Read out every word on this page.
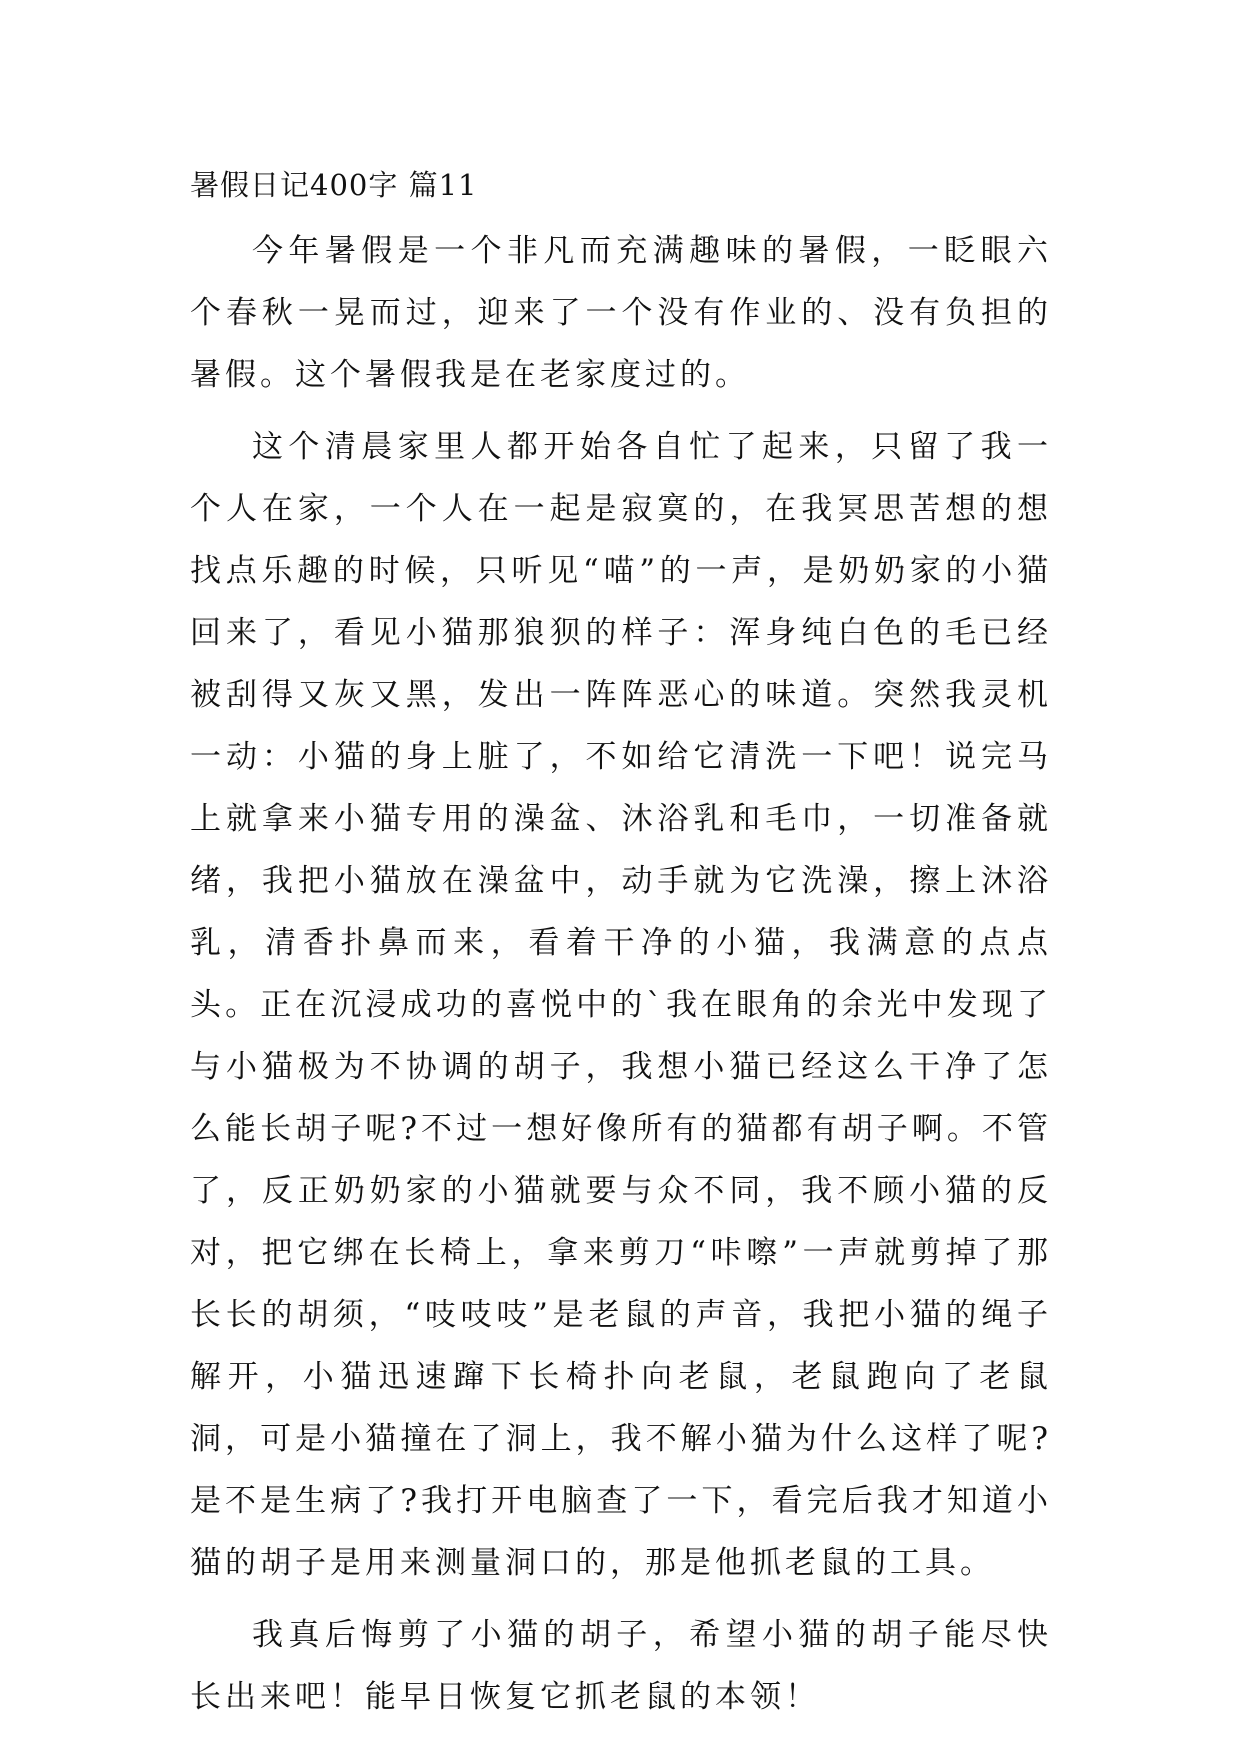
暑假日记400字 篇11

今年暑假是一个非凡而充满趣味的暑假，一眨眼六个春秋一晃而过，迎来了一个没有作业的、没有负担的暑假。这个暑假我是在老家度过的。

这个清晨家里人都开始各自忙了起来，只留了我一个人在家，一个人在一起是寂寞的，在我冥思苦想的想找点乐趣的时候，只听见“喵”的一声，是奶奶家的小猫回来了，看见小猫那狼狈的样子：浑身纯白色的毛已经被刮得又灰又黑，发出一阵阵恶心的味道。突然我灵机一动：小猫的身上脏了，不如给它清洗一下吧！说完马上就拿来小猫专用的澡盆、沐浴乳和毛巾，一切准备就绪，我把小猫放在澡盆中，动手就为它洗澡，擦上沐浴乳，清香扑鼻而来，看着干净的小猫，我满意的点点头。正在沉浸成功的喜悦中的`我在眼角的余光中发现了与小猫极为不协调的胡子，我想小猫已经这么干净了怎么能长胡子呢?不过一想好像所有的猫都有胡子啊。不管了，反正奶奶家的小猫就要与众不同，我不顾小猫的反对，把它绑在长椅上，拿来剪刀“咔嚓”一声就剪掉了那长长的胡须，“吱吱吱”是老鼠的声音，我把小猫的绳子解开，小猫迅速蹿下长椅扑向老鼠，老鼠跑向了老鼠洞，可是小猫撞在了洞上，我不解小猫为什么这样了呢?是不是生病了?我打开电脑查了一下，看完后我才知道小猫的胡子是用来测量洞口的，那是他抓老鼠的工具。

我真后悔剪了小猫的胡子，希望小猫的胡子能尽快长出来吧！能早日恢复它抓老鼠的本领！
